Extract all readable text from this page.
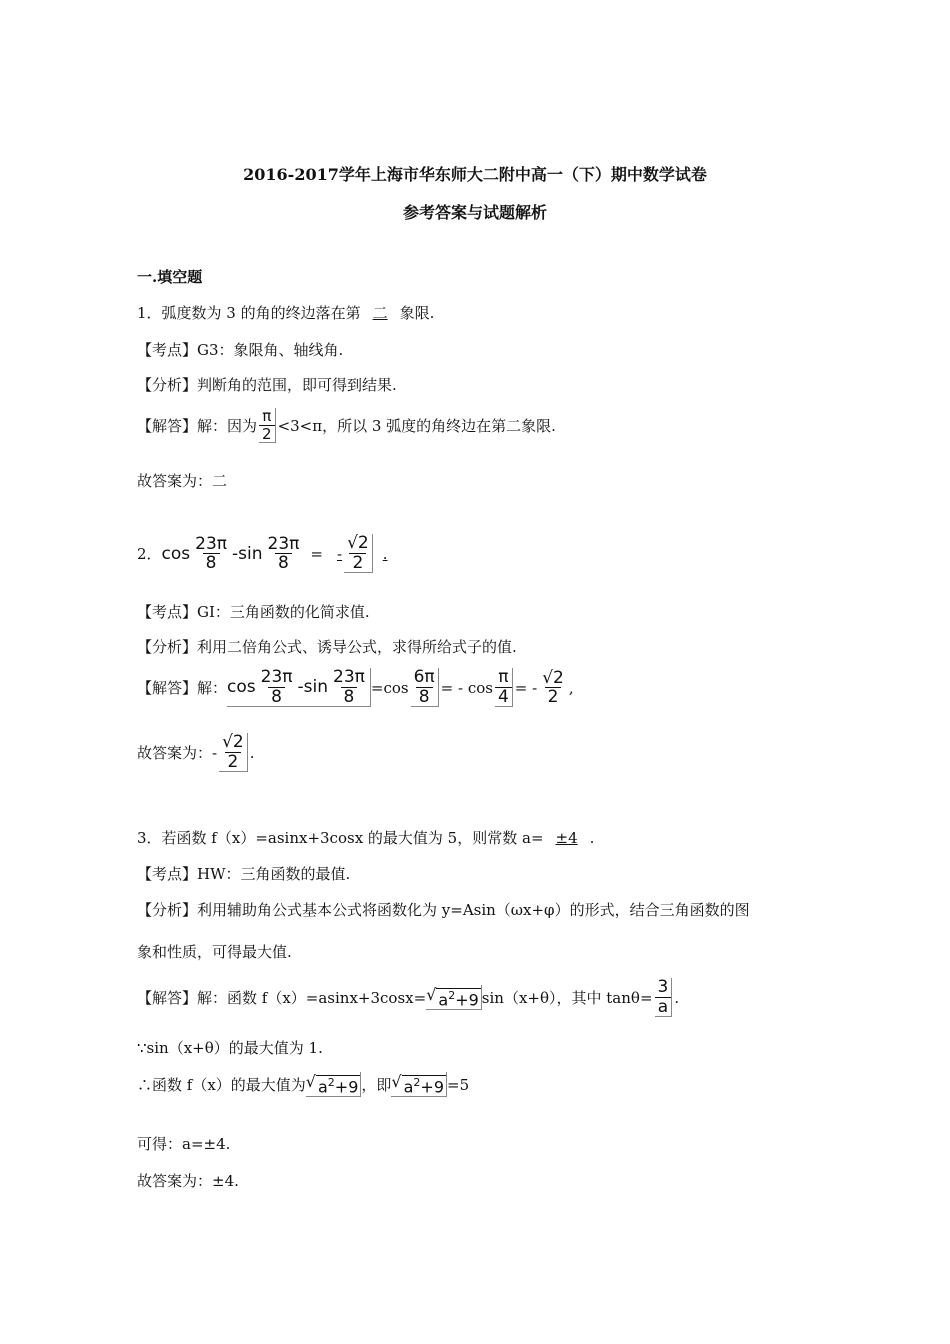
2016-2017学年上海市华东师大二附中高一（下）期中数学试卷
参考答案与试题解析
一.填空题
1．弧度数为 3 的角的终边落在第 二 象限.
【考点】G3：象限角、轴线角.
【分析】判断角的范围，即可得到结果.
【解答】解：因为 $\frac{\pi}{2} <3<\pi$，所以 3 弧度的角终边在第二象限.
故答案为：二
2． $\cos \frac{23\pi}{8}$ - $\sin \frac{23\pi}{8}$ = - $\frac{√2}{2}$ .
【考点】GI：三角函数的化简求值.
【分析】利用二倍角公式、诱导公式，求得所给式子的值.
【解答】解： $\cos \frac{23\pi}{8} - \sin \frac{23\pi}{8} =\cos \frac{6\pi}{8}$ = - $\cos \frac{\pi}{4}$ = - $\frac{√2}{2}$ ,
故答案为： - $\frac{√2}{2}$ .
3．若函数 f（x）=asinx+3cosx 的最大值为 5，则常数 a= ±4 .
【考点】HW：三角函数的最值.
【分析】利用辅助角公式基本公式将函数化为 y=Asin（ωx+φ）的形式，结合三角函数的图
象和性质，可得最大值.
【解答】解：函数 f（x）=asinx+3cosx= √ $a^2+9$ sin（x+θ），其中 $\tan\theta= \frac{3}{a}$ .
∵sin（x+θ）的最大值为 1.
∴函数 f（x）的最大值为 √ $a^2+9$ ，即 √ $a^2+9 =5$
可得：a=±4.
故答案为：±4.
